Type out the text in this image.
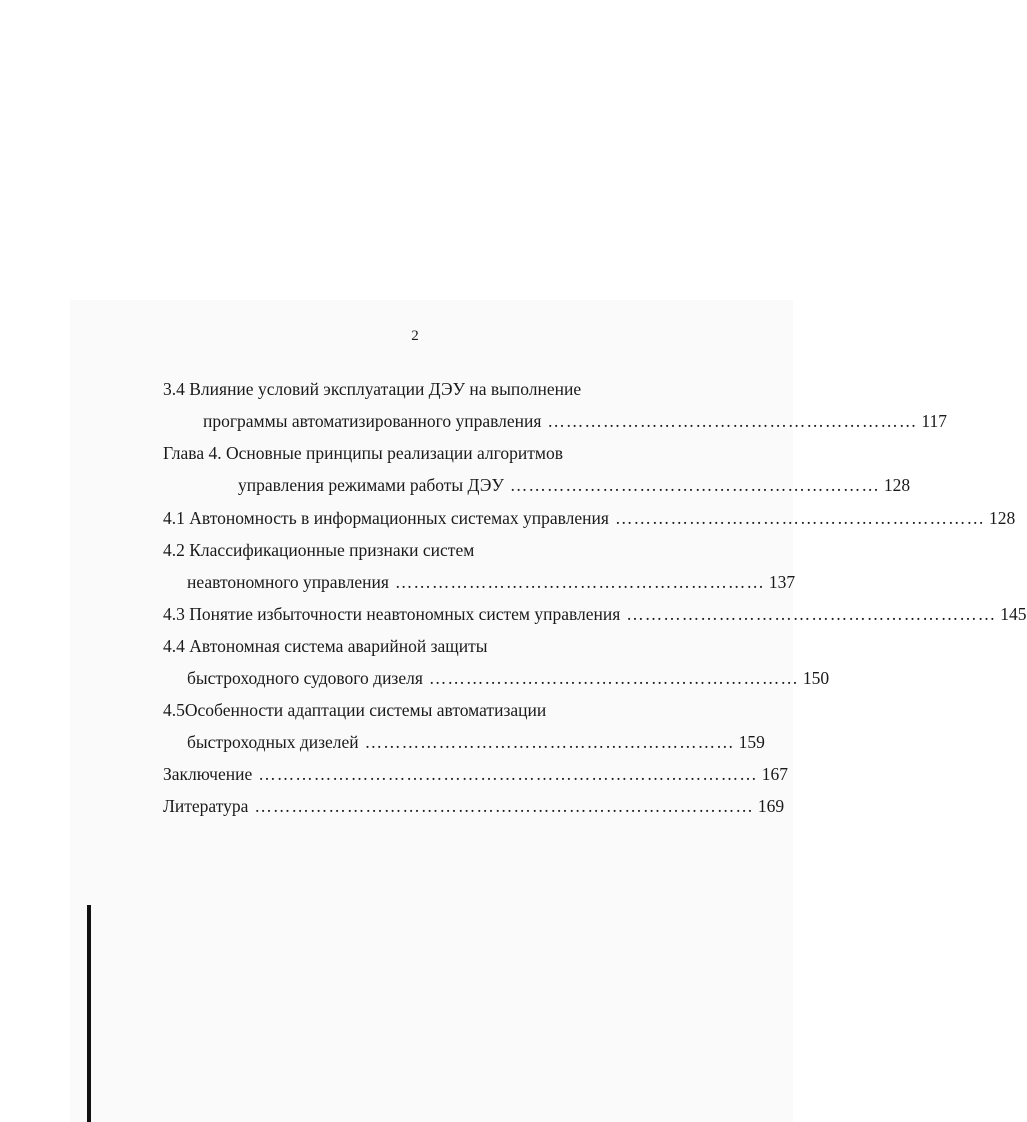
2
3.4 Влияние условий эксплуатации ДЭУ на выполнение
программы автоматизированного управления …………………………………………………… 117
Глава 4. Основные принципы реализации алгоритмов
управления режимами работы ДЭУ …………………………………………………… 128
4.1 Автономность в информационных системах управления …………………………………………………… 128
4.2 Классификационные признаки систем
неавтономного управления …………………………………………………… 137
4.3 Понятие избыточности неавтономных систем управления …………………………………………………… 145
4.4 Автономная система аварийной защиты
быстроходного судового дизеля …………………………………………………… 150
4.5Особенности адаптации системы автоматизации
быстроходных дизелей …………………………………………………… 159
Заключение ……………………………………………………………………… 167
Литература ……………………………………………………………………… 169
